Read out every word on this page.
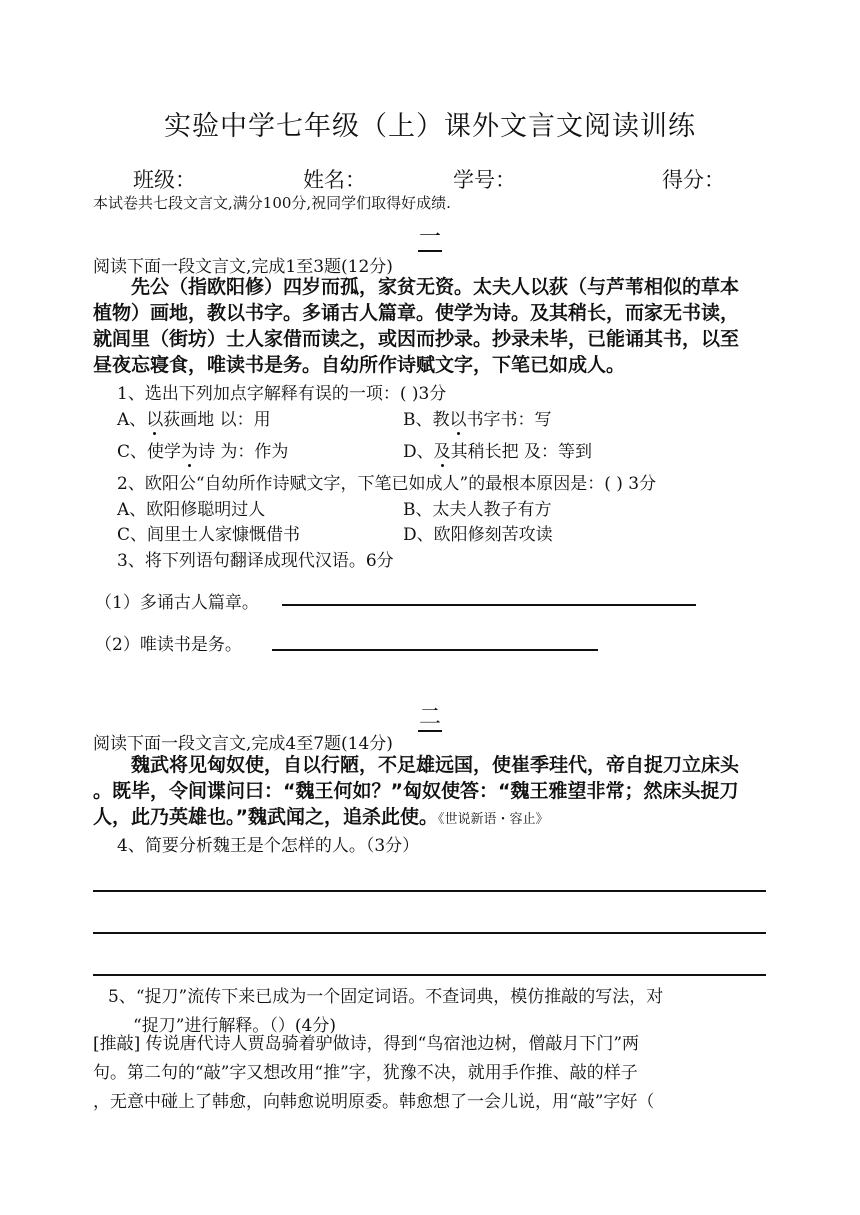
实验中学七年级（上）课外文言文阅读训练
班级：	姓名：	学号：	得分：
本试卷共七段文言文,满分100分,祝同学们取得好成绩.
一
阅读下面一段文言文,完成1至3题(12分)
先公（指欧阳修）四岁而孤，家贫无资。太夫人以荻（与芦苇相似的草本
植物）画地，教以书字。多诵古人篇章。使学为诗。及其稍长，而家无书读，
就闾里（街坊）士人家借而读之，或因而抄录。抄录未毕，已能诵其书，以至
昼夜忘寝食，唯读书是务。自幼所作诗赋文字，下笔已如成人。
1、选出下列加点字解释有误的一项：( )3分
A、以荻画地 以：用	B、教以书字书：写
C、使学为诗 为：作为	D、及其稍长把 及：等到
2、欧阳公“自幼所作诗赋文字，下笔已如成人”的最根本原因是：( ) 3分
A、欧阳修聪明过人	B、太夫人教子有方
C、闾里士人家慷慨借书	D、欧阳修刻苦攻读
3、将下列语句翻译成现代汉语。6分
（1）多诵古人篇章。
（2）唯读书是务。
二
阅读下面一段文言文,完成4至7题(14分)
魏武将见匈奴使，自以行陋，不足雄远国，使崔季珪代，帝自捉刀立床头
。既毕，令间谍问曰：“魏王何如？”匈奴使答：“魏王雅望非常；然床头捉刀
人，此乃英雄也。”魏武闻之，追杀此使。《世说新语・容止》
4、简要分析魏王是个怎样的人。（3分）
5、“捉刀”流传下来已成为一个固定词语。不查词典，模仿推敲的写法，对
“捉刀”进行解释。（）(4分)
[推敲] 传说唐代诗人贾岛骑着驴做诗，得到“鸟宿池边树，僧敲月下门”两
句。第二句的“敲”字又想改用“推”字，犹豫不决，就用手作推、敲的样子
，无意中碰上了韩愈，向韩愈说明原委。韩愈想了一会儿说，用“敲”字好（
